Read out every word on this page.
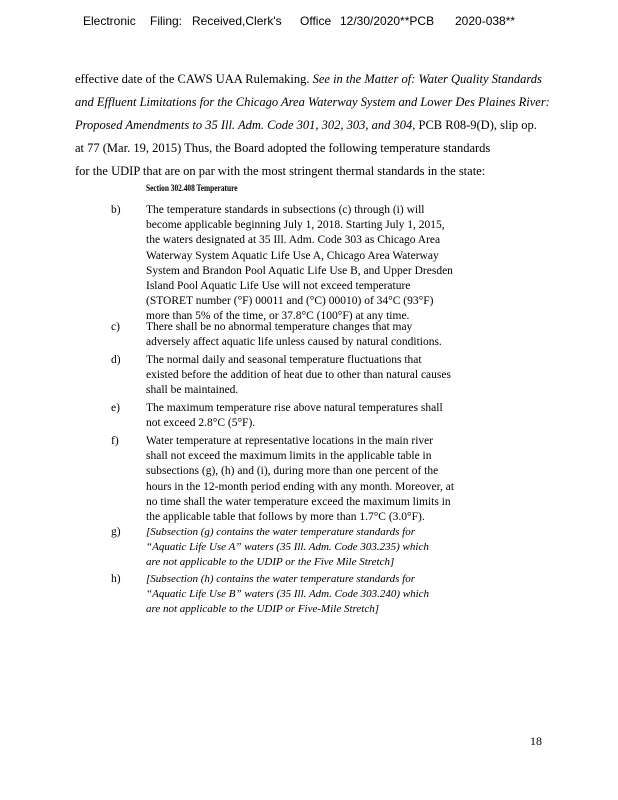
Electronic Filing: Received,Clerk's Office 12/30/2020**PCB 2020-038**
effective date of the CAWS UAA Rulemaking. See in the Matter of: Water Quality Standards
and Effluent Limitations for the Chicago Area Waterway System and Lower Des Plaines River:
Proposed Amendments to 35 Ill. Adm. Code 301, 302, 303, and 304, PCB R08-9(D), slip op.
at 77 (Mar. 19, 2015) Thus, the Board adopted the following temperature standards
for the UDIP that are on par with the most stringent thermal standards in the state:
Section 302.408 Temperature
b) The temperature standards in subsections (c) through (i) will
become applicable beginning July 1, 2018. Starting July 1, 2015,
the waters designated at 35 Ill. Adm. Code 303 as Chicago Area
Waterway System Aquatic Life Use A, Chicago Area Waterway
System and Brandon Pool Aquatic Life Use B, and Upper Dresden
Island Pool Aquatic Life Use will not exceed temperature
(STORET number (°F) 00011 and (°C) 00010) of 34°C (93°F)
more than 5% of the time, or 37.8°C (100°F) at any time.
c) There shall be no abnormal temperature changes that may
adversely affect aquatic life unless caused by natural conditions.
d) The normal daily and seasonal temperature fluctuations that
existed before the addition of heat due to other than natural causes
shall be maintained.
e) The maximum temperature rise above natural temperatures shall
not exceed 2.8°C (5°F).
f) Water temperature at representative locations in the main river
shall not exceed the maximum limits in the applicable table in
subsections (g), (h) and (i), during more than one percent of the
hours in the 12-month period ending with any month. Moreover, at
no time shall the water temperature exceed the maximum limits in
the applicable table that follows by more than 1.7°C (3.0°F).
g) [Subsection (g) contains the water temperature standards for
“Aquatic Life Use A” waters (35 Ill. Adm. Code 303.235) which
are not applicable to the UDIP or the Five Mile Stretch]
h) [Subsection (h) contains the water temperature standards for
“Aquatic Life Use B” waters (35 Ill. Adm. Code 303.240) which
are not applicable to the UDIP or Five-Mile Stretch]
18
